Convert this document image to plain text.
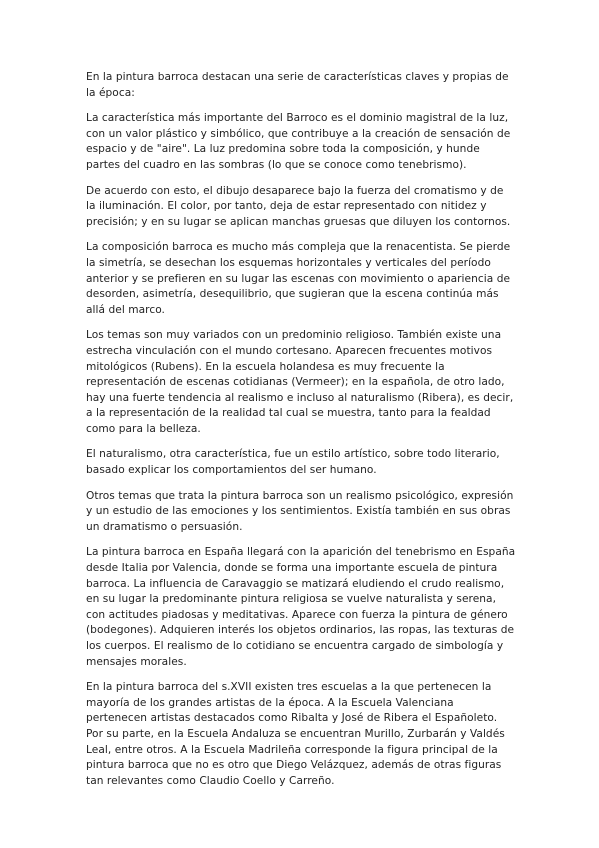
En la pintura barroca destacan una serie de características claves y propias de la época:

La característica más importante del Barroco es el dominio magistral de la luz, con un valor plástico y simbólico, que contribuye a la creación de sensación de espacio y de "aire". La luz predomina sobre toda la composición, y hunde partes del cuadro en las sombras (lo que se conoce como tenebrismo).

De acuerdo con esto, el dibujo desaparece bajo la fuerza del cromatismo y de la iluminación. El color, por tanto, deja de estar representado con nitidez y precisión; y en su lugar se aplican manchas gruesas que diluyen los contornos.

La composición barroca es mucho más compleja que la renacentista. Se pierde la simetría, se desechan los esquemas horizontales y verticales del período anterior y se prefieren en su lugar las escenas con movimiento o apariencia de desorden, asimetría, desequilibrio, que sugieran que la escena continúa más allá del marco.

Los temas son muy variados con un predominio religioso. También existe una estrecha vinculación con el mundo cortesano. Aparecen frecuentes motivos mitológicos (Rubens). En la escuela holandesa es muy frecuente la representación de escenas cotidianas (Vermeer); en la española, de otro lado, hay una fuerte tendencia al realismo e incluso al naturalismo (Ribera), es decir, a la representación de la realidad tal cual se muestra, tanto para la fealdad como para la belleza.

El naturalismo, otra característica, fue un estilo artístico, sobre todo literario, basado explicar los comportamientos del ser humano.

Otros temas que trata la pintura barroca son un realismo psicológico, expresión y un estudio de las emociones y los sentimientos. Existía también en sus obras un dramatismo o persuasión.

La pintura barroca en España llegará con la aparición del tenebrismo en España desde Italia por Valencia, donde se forma una importante escuela de pintura barroca. La influencia de Caravaggio se matizará eludiendo el crudo realismo, en su lugar la predominante pintura religiosa se vuelve naturalista y serena, con actitudes piadosas y meditativas. Aparece con fuerza la pintura de género (bodegones). Adquieren interés los objetos ordinarios, las ropas, las texturas de los cuerpos. El realismo de lo cotidiano se encuentra cargado de simbología y mensajes morales.

En la pintura barroca del s.XVII existen tres escuelas a la que pertenecen la mayoría de los grandes artistas de la época. A la Escuela Valenciana pertenecen artistas destacados como Ribalta y José de Ribera el Españoleto. Por su parte, en la Escuela Andaluza se encuentran Murillo, Zurbarán y Valdés Leal, entre otros. A la Escuela Madrileña corresponde la figura principal de la pintura barroca que no es otro que Diego Velázquez, además de otras figuras tan relevantes como Claudio Coello y Carreño.
